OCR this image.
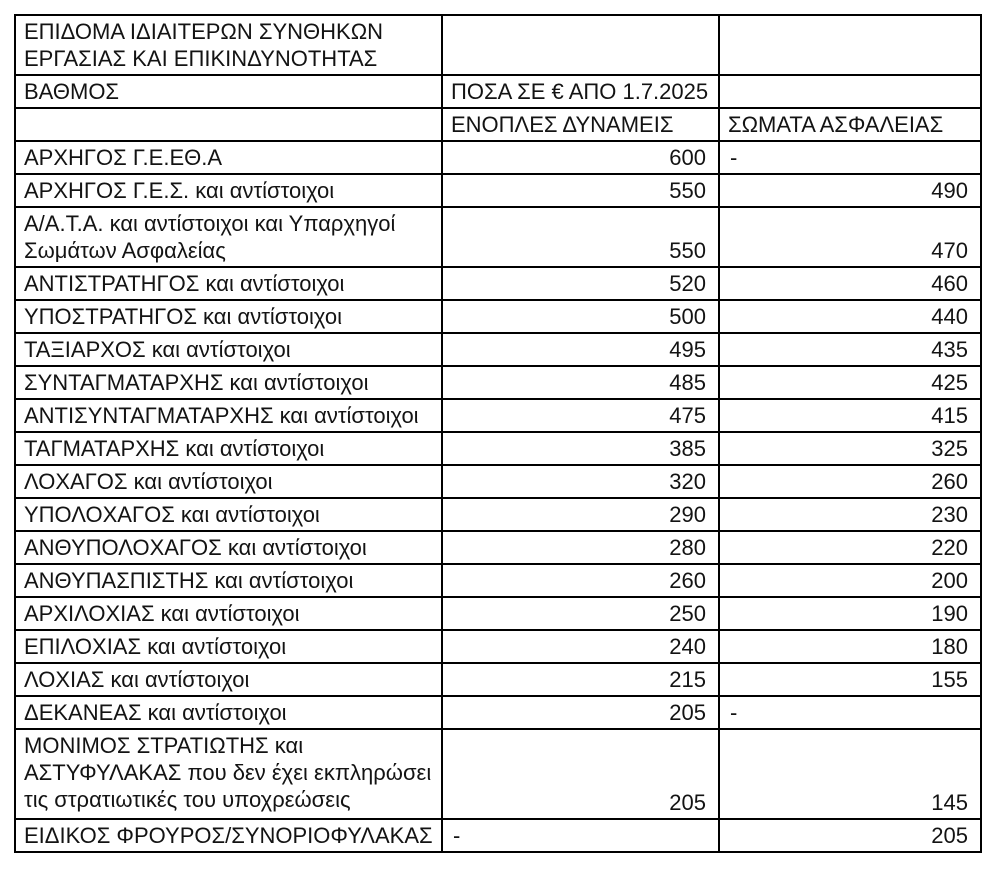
ΕΠΙΔΟΜΑ ΙΔΙΑΙΤΕΡΩΝ ΣΥΝΘΗΚΩΝ ΕΡΓΑΣΙΑΣ ΚΑΙ ΕΠΙΚΙΝΔΥΝΟΤΗΤΑΣ		
ΒΑΘΜΟΣ	ΠΟΣΑ ΣΕ € ΑΠΟ 1.7.2025	
	ΕΝΟΠΛΕΣ ΔΥΝΑΜΕΙΣ	ΣΩΜΑΤΑ ΑΣΦΑΛΕΙΑΣ
ΑΡΧΗΓΟΣ Γ.Ε.ΕΘ.Α	600	-
ΑΡΧΗΓΟΣ Γ.Ε.Σ. και αντίστοιχοι	550	490
Α/Α.Τ.Α. και αντίστοιχοι και Υπαρχηγοί Σωμάτων Ασφαλείας	550	470
ΑΝΤΙΣΤΡΑΤΗΓΟΣ και αντίστοιχοι	520	460
ΥΠΟΣΤΡΑΤΗΓΟΣ και αντίστοιχοι	500	440
ΤΑΞΙΑΡΧΟΣ και αντίστοιχοι	495	435
ΣΥΝΤΑΓΜΑΤΑΡΧΗΣ και αντίστοιχοι	485	425
ΑΝΤΙΣΥΝΤΑΓΜΑΤΑΡΧΗΣ και αντίστοιχοι	475	415
ΤΑΓΜΑΤΑΡΧΗΣ και αντίστοιχοι	385	325
ΛΟΧΑΓΟΣ και αντίστοιχοι	320	260
ΥΠΟΛΟΧΑΓΟΣ και αντίστοιχοι	290	230
ΑΝΘΥΠΟΛΟΧΑΓΟΣ και αντίστοιχοι	280	220
ΑΝΘΥΠΑΣΠΙΣΤΗΣ και αντίστοιχοι	260	200
ΑΡΧΙΛΟΧΙΑΣ και αντίστοιχοι	250	190
ΕΠΙΛΟΧΙΑΣ και αντίστοιχοι	240	180
ΛΟΧΙΑΣ και αντίστοιχοι	215	155
ΔΕΚΑΝΕΑΣ και αντίστοιχοι	205	-
ΜΟΝΙΜΟΣ ΣΤΡΑΤΙΩΤΗΣ και ΑΣΤΥΦΥΛΑΚΑΣ που δεν έχει εκπληρώσει τις στρατιωτικές του υποχρεώσεις	205	145
ΕΙΔΙΚΟΣ ΦΡΟΥΡΟΣ/ΣΥΝΟΡΙΟΦΥΛΑΚΑΣ	-	205
